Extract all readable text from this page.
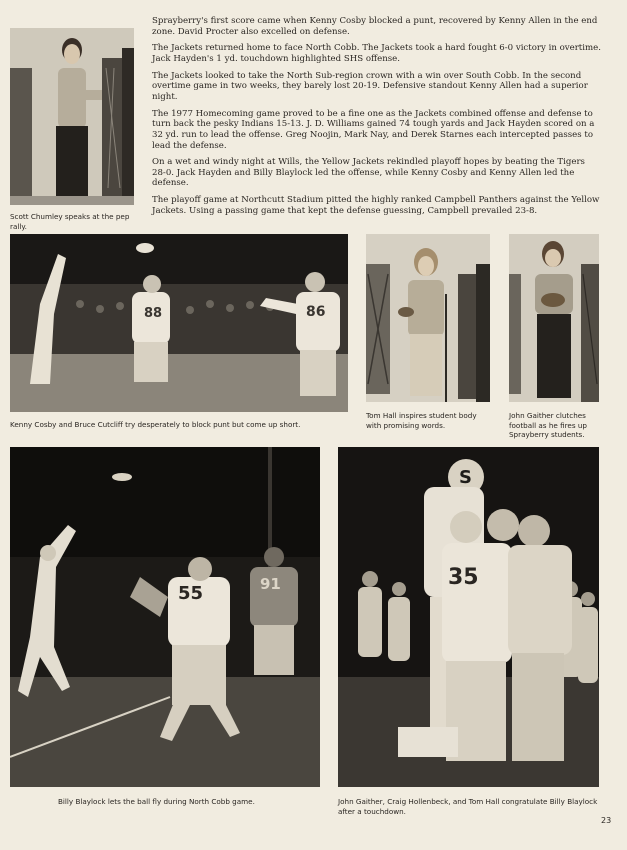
Scott Chumley speaks at the pep rally.

Sprayberry's first score came when Kenny Cosby blocked a punt, recovered by Kenny Allen in the end zone. David Procter also excelled on defense.

The Jackets returned home to face North Cobb. The Jackets took a hard fought 6-0 victory in overtime. Jack Hayden's 1 yd. touchdown highlighted SHS offense.

The Jackets looked to take the North Sub-region crown with a win over South Cobb. In the second overtime game in two weeks, they barely lost 20-19. Defensive standout Kenny Allen had a superior night.

The 1977 Homecoming game proved to be a fine one as the Jackets combined offense and defense to turn back the pesky Indians 15-13. J. D. Williams gained 74 tough yards and Jack Hayden scored on a 32 yd. run to lead the offense. Greg Noojin, Mark Nay, and Derek Starnes each intercepted passes to lead the defense.

On a wet and windy night at Wills, the Yellow Jackets rekindled playoff hopes by beating the Tigers 28-0. Jack Hayden and Billy Blaylock led the offense, while Kenny Cosby and Kenny Allen led the defense.

The playoff game at Northcutt Stadium pitted the highly ranked Campbell Panthers against the Yellow Jackets. Using a passing game that kept the defense guessing, Campbell prevailed 23-8.

88	86
Kenny Cosby and Bruce Cutcliff try desperately to block punt but come up short.
Tom Hall inspires student body with promising words.
John Gaither clutches football as he fires up Sprayberry students.
55	91
Billy Blaylock lets the ball fly during North Cobb game.
S
35
John Gaither, Craig Hollenbeck, and Tom Hall congratulate Billy Blaylock after a touchdown.
23
